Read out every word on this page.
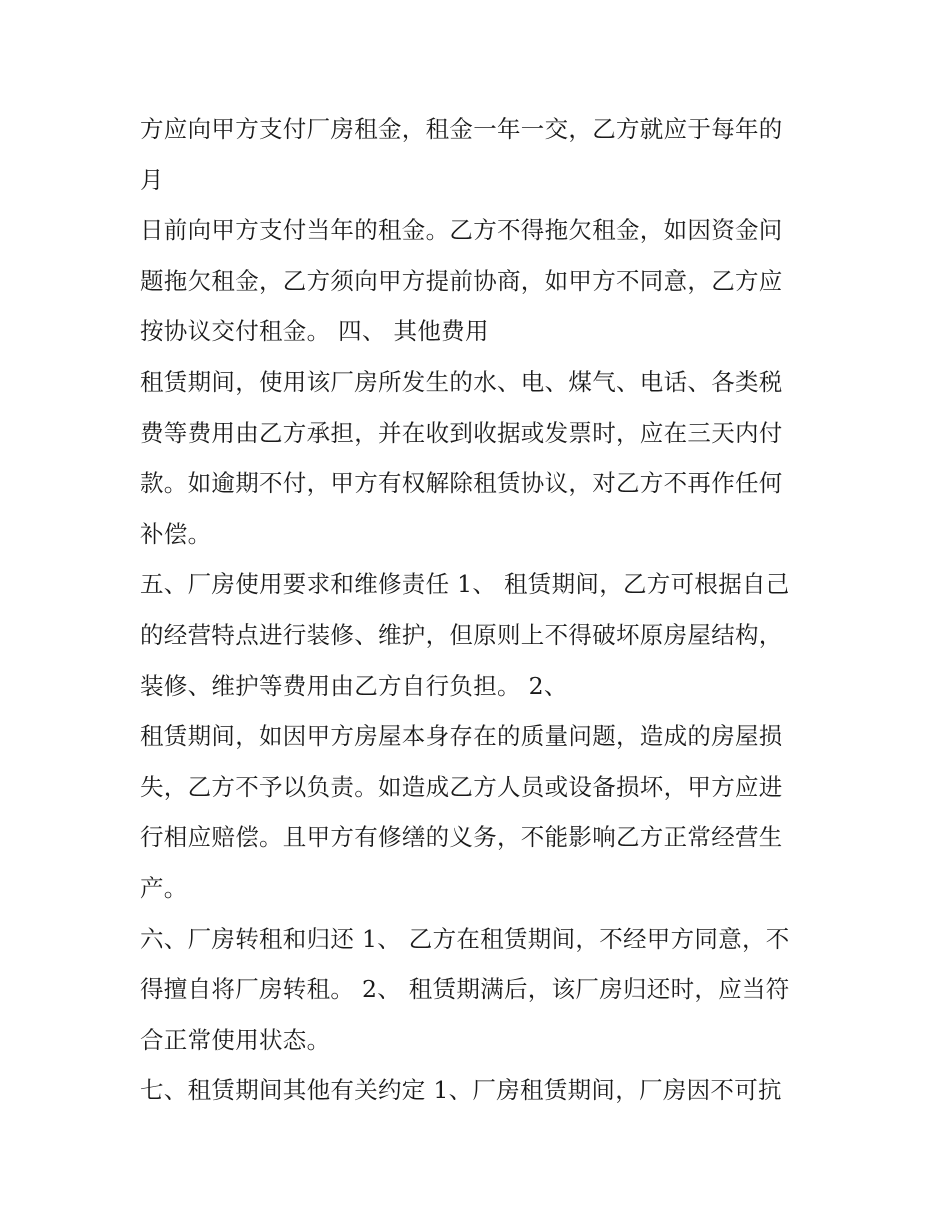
方应向甲方支付厂房租金，租金一年一交，乙方就应于每年的
月
日前向甲方支付当年的租金。乙方不得拖欠租金，如因资金问
题拖欠租金，乙方须向甲方提前协商，如甲方不同意，乙方应
按协议交付租金。 四、 其他费用
租赁期间，使用该厂房所发生的水、电、煤气、电话、各类税
费等费用由乙方承担，并在收到收据或发票时，应在三天内付
款。如逾期不付，甲方有权解除租赁协议，对乙方不再作任何
补偿。
五、厂房使用要求和维修责任 1、 租赁期间，乙方可根据自己
的经营特点进行装修、维护，但原则上不得破坏原房屋结构，
装修、维护等费用由乙方自行负担。 2、
租赁期间，如因甲方房屋本身存在的质量问题，造成的房屋损
失，乙方不予以负责。如造成乙方人员或设备损坏，甲方应进
行相应赔偿。且甲方有修缮的义务，不能影响乙方正常经营生
产。
六、厂房转租和归还 1、 乙方在租赁期间，不经甲方同意，不
得擅自将厂房转租。 2、 租赁期满后，该厂房归还时，应当符
合正常使用状态。
七、租赁期间其他有关约定 1、厂房租赁期间，厂房因不可抗
